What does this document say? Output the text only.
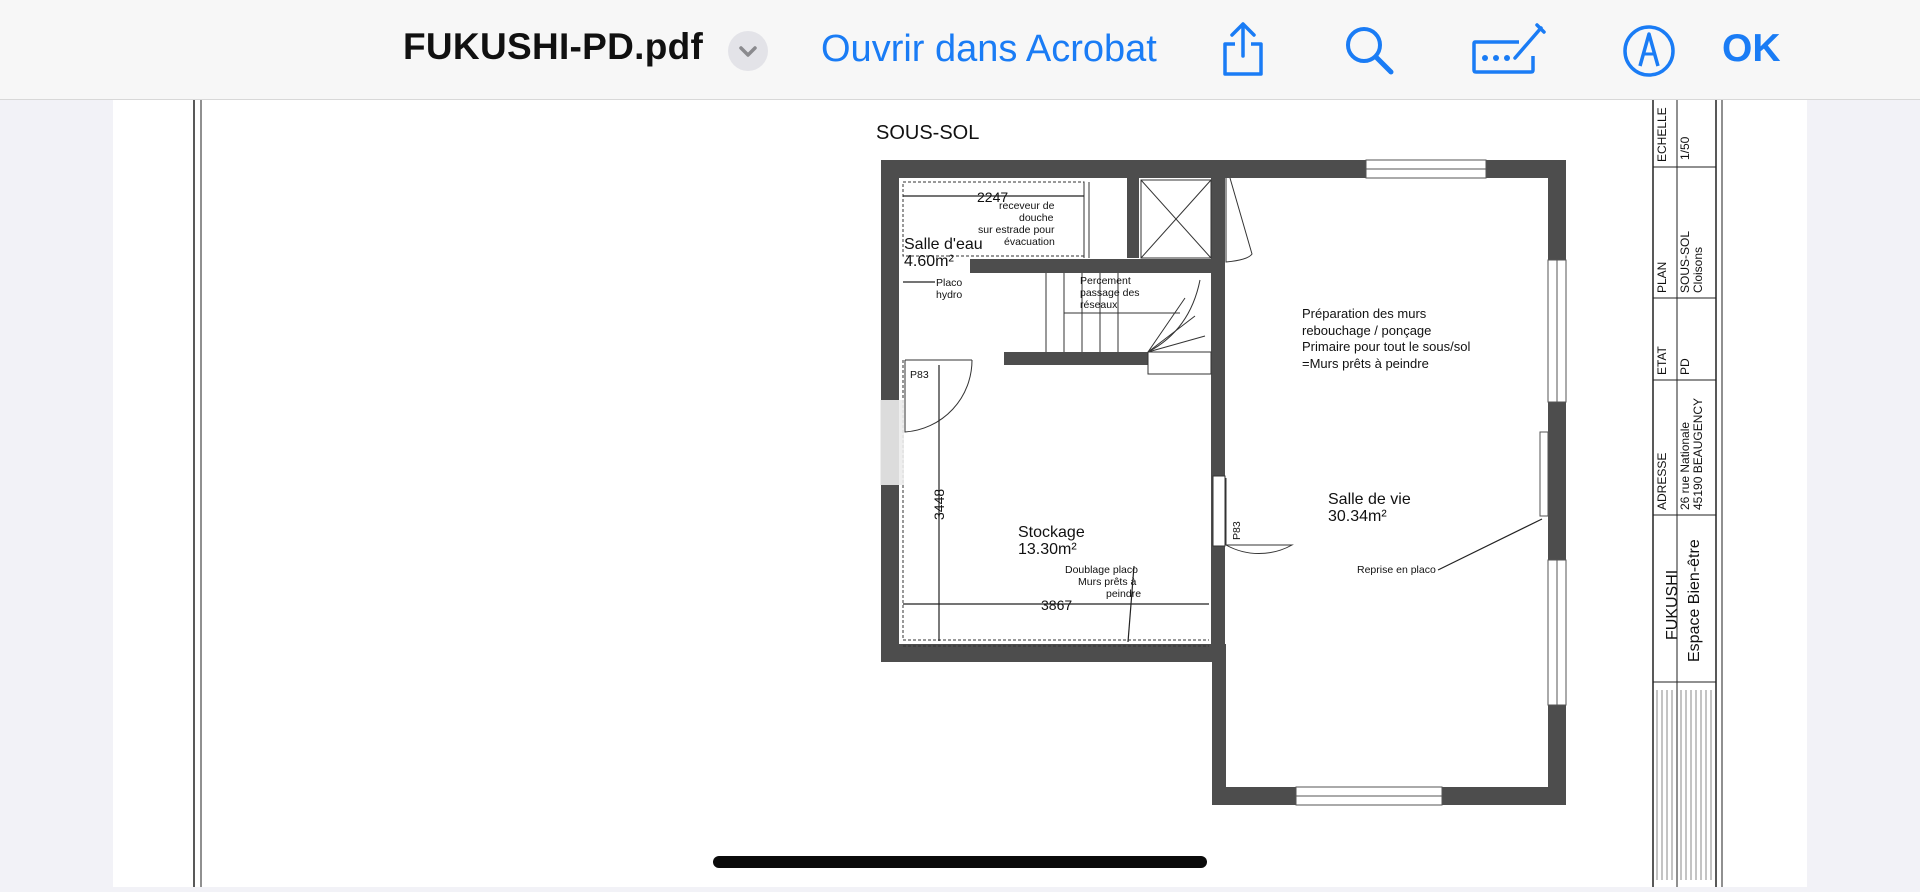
FUKUSHI-PD.pdf	Ouvrir dans Acrobat	OK
SOUS-SOL
2247
3448
3867
Salle d'eau
4.60m²
Stockage
13.30m²
Salle de vie
30.34m²
receveur de
douche
sur estrade pour
évacuation
Placo
hydro
Percement
passage des
réseaux
Doublage placo
Murs prêts à
peindre
Reprise en placo
P83
P83
Préparation des murs
rebouchage / ponçage
Primaire pour tout le sous/sol
=Murs prêts à peindre
ECHELLE 1/50
PLAN SOUS-SOL Cloisons
ETAT PD
ADRESSE 26 rue Nationale 45190 BEAUGENCY
FUKUSHI Espace Bien-être
